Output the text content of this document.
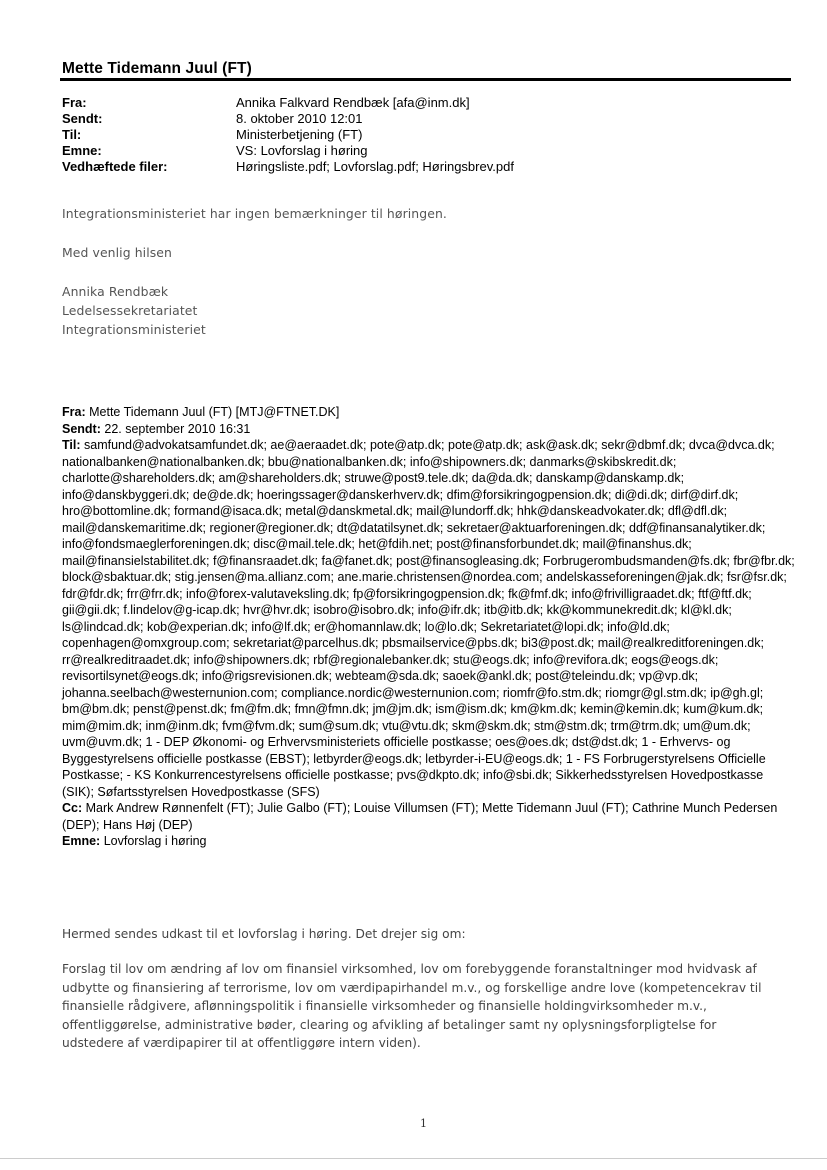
Mette Tidemann Juul (FT)
Fra:	Annika Falkvard Rendbæk [afa@inm.dk]
Sendt:	8. oktober 2010 12:01
Til:	Ministerbetjening (FT)
Emne:	VS: Lovforslag i høring
Vedhæftede filer:	Høringsliste.pdf; Lovforslag.pdf; Høringsbrev.pdf
Integrationsministeriet har ingen bemærkninger til høringen.
Med venlig hilsen
Annika Rendbæk
Ledelsessekretariatet
Integrationsministeriet
Fra: Mette Tidemann Juul (FT) [MTJ@FTNET.DK]
Sendt: 22. september 2010 16:31
Til: samfund@advokatsamfundet.dk; ae@aeraadet.dk; pote@atp.dk; pote@atp.dk; ask@ask.dk; sekr@dbmf.dk; dvca@dvca.dk; nationalbanken@nationalbanken.dk; bbu@nationalbanken.dk; info@shipowners.dk; danmarks@skibskredit.dk; charlotte@shareholders.dk; am@shareholders.dk; struwe@post9.tele.dk; da@da.dk; danskamp@danskamp.dk; info@danskbyggeri.dk; de@de.dk; hoeringssager@danskerhverv.dk; dfim@forsikringogpension.dk; di@di.dk; dirf@dirf.dk; hro@bottomline.dk; formand@isaca.dk; metal@danskmetal.dk; mail@lundorff.dk; hhk@danskeadvokater.dk; dfl@dfl.dk; mail@danskemaritime.dk; regioner@regioner.dk; dt@datatilsynet.dk; sekretaer@aktuarforeningen.dk; ddf@finansanalytiker.dk; info@fondsmaeglerforeningen.dk; disc@mail.tele.dk; het@fdih.net; post@finansforbundet.dk; mail@finanshus.dk; mail@finansielstabilitet.dk; f@finansraadet.dk; fa@fanet.dk; post@finansogleasing.dk; Forbrugerombudsmanden@fs.dk; fbr@fbr.dk; block@sbaktuar.dk; stig.jensen@ma.allianz.com; ane.marie.christensen@nordea.com; andelskasseforeningen@jak.dk; fsr@fsr.dk; fdr@fdr.dk; frr@frr.dk; info@forex-valutaveksling.dk; fp@forsikringogpension.dk; fk@fmf.dk; info@frivilligraadet.dk; ftf@ftf.dk; gii@gii.dk; f.lindelov@g-icap.dk; hvr@hvr.dk; isobro@isobro.dk; info@ifr.dk; itb@itb.dk; kk@kommunekredit.dk; kl@kl.dk; ls@lindcad.dk; kob@experian.dk; info@lf.dk; er@homannlaw.dk; lo@lo.dk; Sekretariatet@lopi.dk; info@ld.dk; copenhagen@omxgroup.com; sekretariat@parcelhus.dk; pbsmailservice@pbs.dk; bi3@post.dk; mail@realkreditforeningen.dk; rr@realkreditraadet.dk; info@shipowners.dk; rbf@regionalebanker.dk; stu@eogs.dk; info@revifora.dk; eogs@eogs.dk; revisortilsynet@eogs.dk; info@rigsrevisionen.dk; webteam@sda.dk; saoek@ankl.dk; post@teleindu.dk; vp@vp.dk; johanna.seelbach@westernunion.com; compliance.nordic@westernunion.com; riomfr@fo.stm.dk; riomgr@gl.stm.dk; ip@gh.gl; bm@bm.dk; penst@penst.dk; fm@fm.dk; fmn@fmn.dk; jm@jm.dk; ism@ism.dk; km@km.dk; kemin@kemin.dk; kum@kum.dk; mim@mim.dk; inm@inm.dk; fvm@fvm.dk; sum@sum.dk; vtu@vtu.dk; skm@skm.dk; stm@stm.dk; trm@trm.dk; um@um.dk; uvm@uvm.dk; 1 - DEP Økonomi- og Erhvervsministeriets officielle postkasse; oes@oes.dk; dst@dst.dk; 1 - Erhvervs- og Byggestyrelsens officielle postkasse (EBST); letbyrder@eogs.dk; letbyrder-i-EU@eogs.dk; 1 - FS Forbrugerstyrelsens Officielle Postkasse; - KS Konkurrencestyrelsens officielle postkasse; pvs@dkpto.dk; info@sbi.dk; Sikkerhedsstyrelsen Hovedpostkasse (SIK); Søfartsstyrelsen Hovedpostkasse (SFS)
Cc: Mark Andrew Rønnenfelt (FT); Julie Galbo (FT); Louise Villumsen (FT); Mette Tidemann Juul (FT); Cathrine Munch Pedersen (DEP); Hans Høj (DEP)
Emne: Lovforslag i høring
Hermed sendes udkast til et lovforslag i høring. Det drejer sig om:
Forslag til lov om ændring af lov om finansiel virksomhed, lov om forebyggende foranstaltninger mod hvidvask af udbytte og finansiering af terrorisme, lov om værdipapirhandel m.v., og forskellige andre love (kompetencekrav til finansielle rådgivere, aflønningspolitik i finansielle virksomheder og finansielle holdingvirksomheder m.v., offentliggørelse, administrative bøder, clearing og afvikling af betalinger samt ny oplysningsforpligtelse for udstedere af værdipapirer til at offentliggøre intern viden).
1
